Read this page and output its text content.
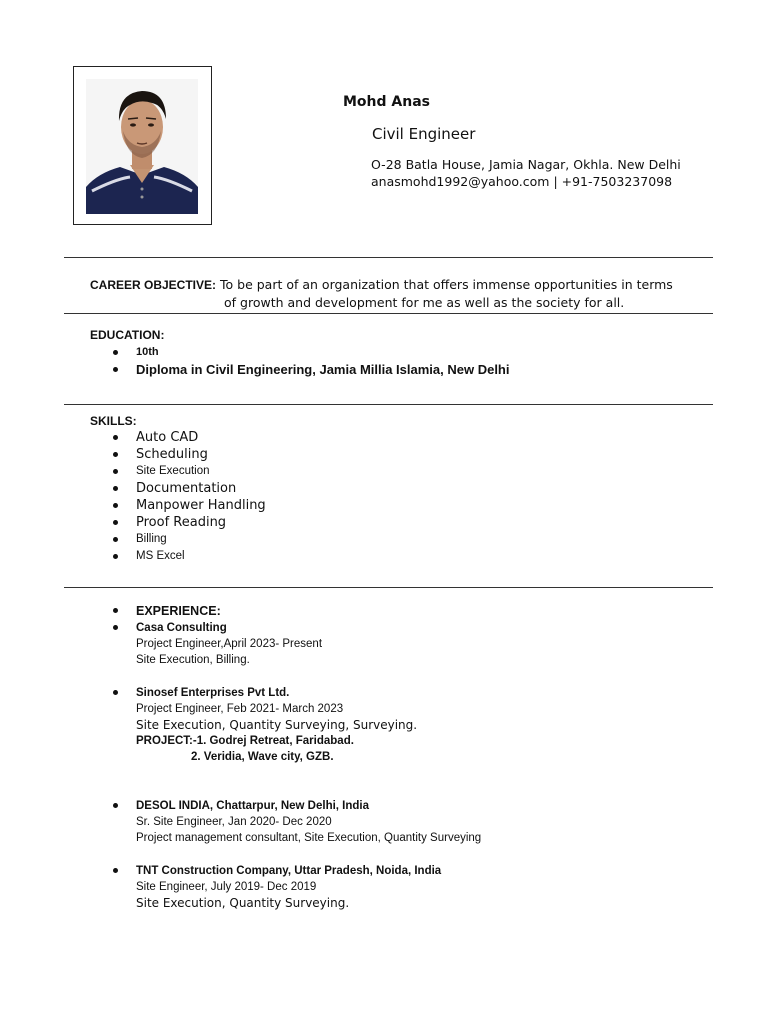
Mohd Anas
Civil Engineer
O-28 Batla House, Jamia Nagar, Okhla. New Delhi
anasmohd1992@yahoo.com | +91-7503237098
CAREER OBJECTIVE: To be part of an organization that offers immense opportunities in terms
of growth and development for me as well as the society for all.
EDUCATION:
10th
Diploma in Civil Engineering, Jamia Millia Islamia, New Delhi
SKILLS:
Auto CAD
Scheduling
Site Execution
Documentation
Manpower Handling
Proof Reading
Billing
MS Excel
EXPERIENCE:
Casa Consulting
Project Engineer,April 2023- Present
Site Execution, Billing.
Sinosef Enterprises Pvt Ltd.
Project Engineer, Feb 2021- March 2023
Site Execution, Quantity Surveying, Surveying.
PROJECT:-1. Godrej Retreat, Faridabad.
2. Veridia, Wave city, GZB.
DESOL INDIA, Chattarpur, New Delhi, India
Sr. Site Engineer, Jan 2020- Dec 2020
Project management consultant, Site Execution, Quantity Surveying
TNT Construction Company, Uttar Pradesh, Noida, India
Site Engineer, July 2019- Dec 2019
Site Execution, Quantity Surveying.
